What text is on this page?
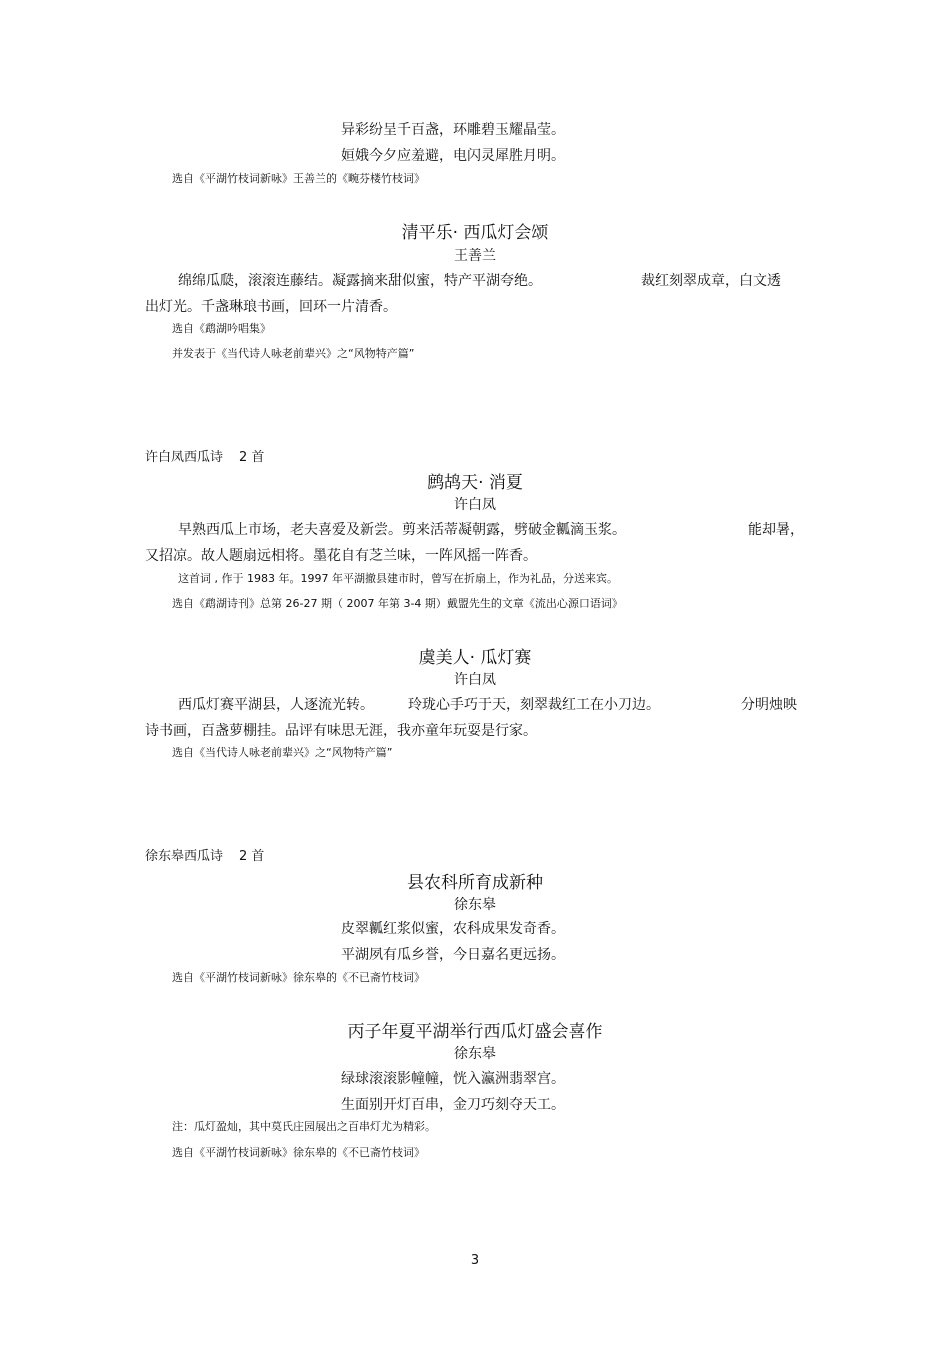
异彩纷呈千百盏，环雕碧玉耀晶莹。
姮娥今夕应羞避，电闪灵犀胜月明。
选自《平湖竹枝词新咏》王善兰的《畹芬楼竹枝词》
清平乐· 西瓜灯会颂
王善兰
绵绵瓜瓞，滚滚连藤结。凝露摘来甜似蜜，特产平湖夸绝。	裁红刻翠成章，白文透
出灯光。千盏琳琅书画，回环一片清香。
选自《鹉湖吟唱集》
并发表于《当代诗人咏老前辈兴》之“风物特产篇”
许白凤西瓜诗 2 首
鹧鸪天· 消夏
许白凤
早熟西瓜上市场，老夫喜爱及新尝。剪来活蒂凝朝露，劈破金瓤滴玉浆。	能却暑，
又招凉。故人题扇远相将。墨花自有芝兰味，一阵风摇一阵香。
这首词 , 作于 1983 年。1997 年平湖撤县建市时，曾写在折扇上，作为礼品，分送来宾。
选自《鹉湖诗刊》总第 26-27 期（ 2007 年第 3-4 期）戴盟先生的文章《流出心源口语词》
虞美人· 瓜灯赛
许白凤
西瓜灯赛平湖县，人逐流光转。 玲珑心手巧于天，刻翠裁红工在小刀边。	分明烛映
诗书画，百盏萝棚挂。品评有味思无涯，我亦童年玩耍是行家。
选自《当代诗人咏老前辈兴》之“风物特产篇”
徐东皋西瓜诗 2 首
县农科所育成新种
徐东皋
皮翠瓤红浆似蜜，农科成果发奇香。
平湖夙有瓜乡誉，今日嘉名更远扬。
选自《平湖竹枝词新咏》徐东皋的《不已斋竹枝词》
丙子年夏平湖举行西瓜灯盛会喜作
徐东皋
绿球滚滚影幢幢，恍入瀛洲翡翠宫。
生面别开灯百串，金刀巧刻夺天工。
注：瓜灯盈灿，其中莫氏庄园展出之百串灯尤为精彩。
选自《平湖竹枝词新咏》徐东皋的《不已斋竹枝词》
3
